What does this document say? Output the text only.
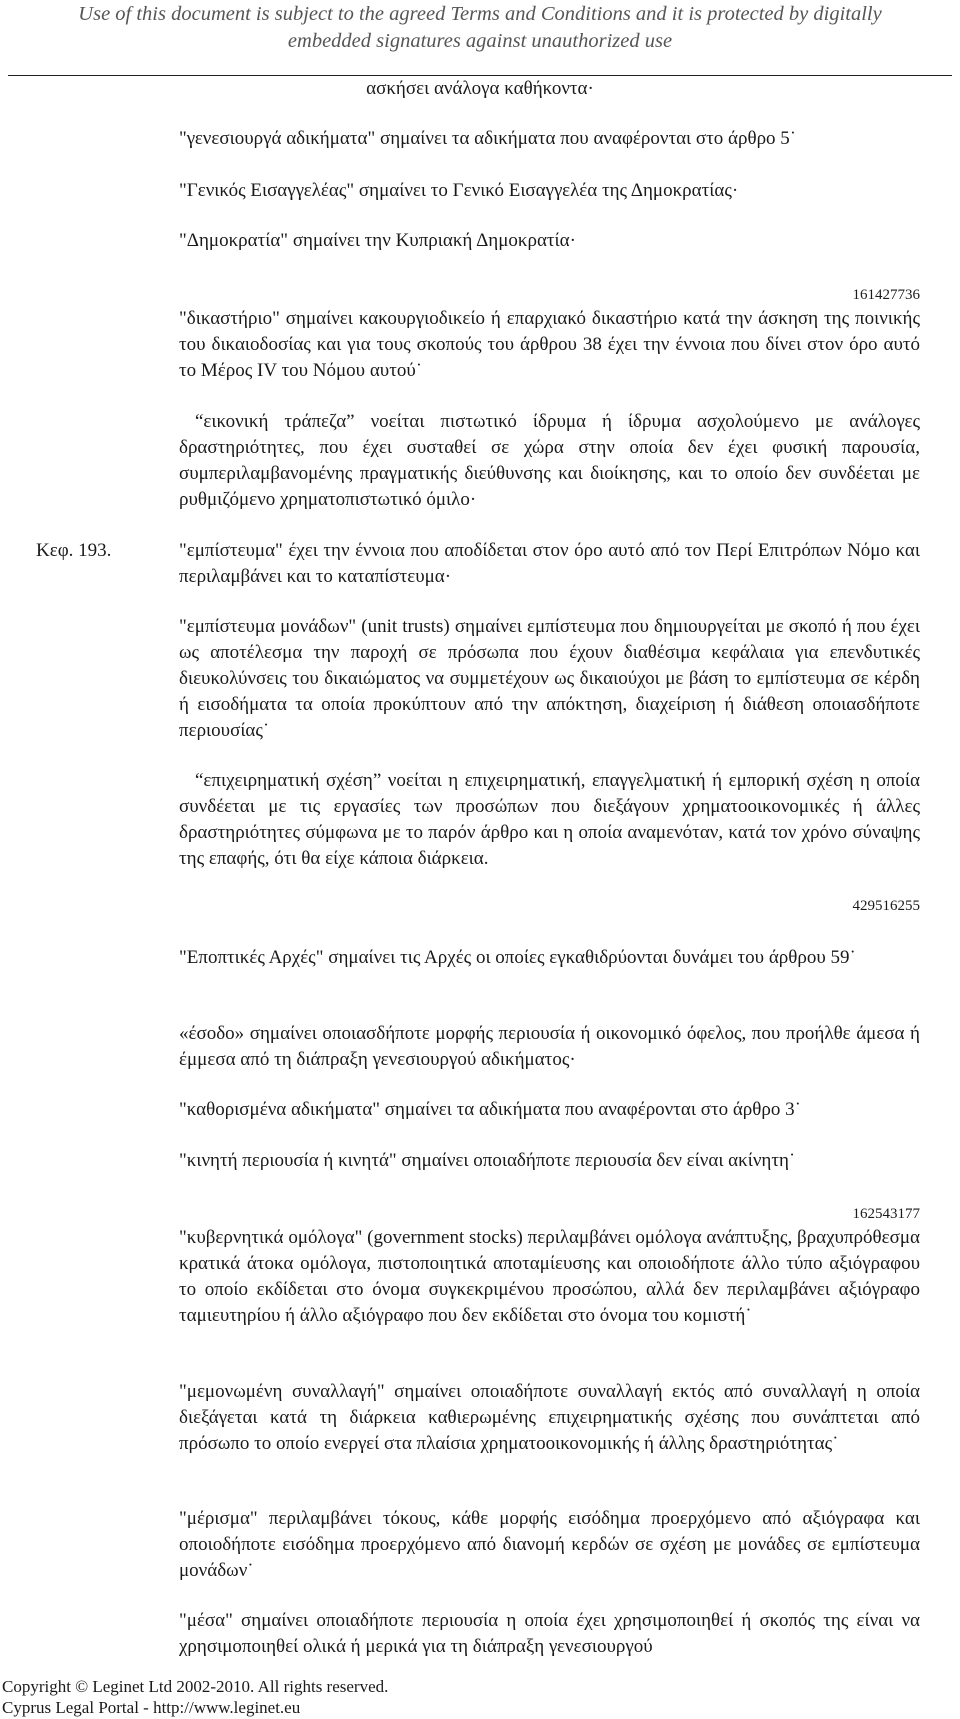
Use of this document is subject to the agreed Terms and Conditions and it is protected by digitally
embedded signatures against unauthorized use

ασκήσει ανάλογα καθήκοντα·

"γενεσιουργά αδικήματα" σημαίνει τα αδικήματα που αναφέρονται στο άρθρο 5˙

"Γενικός Εισαγγελέας" σημαίνει το Γενικό Εισαγγελέα της Δημοκρατίας·

"Δημοκρατία" σημαίνει την Κυπριακή Δημοκρατία·

161427736

"δικαστήριο" σημαίνει κακουργιοδικείο ή επαρχιακό δικαστήριο κατά την άσκηση της ποινικής του δικαιοδοσίας και για τους σκοπούς του άρθρου 38 έχει την έννοια που δίνει στον όρο αυτό το Μέρος IV του Νόμου αυτού˙

“εικονική τράπεζα” νοείται πιστωτικό ίδρυμα ή ίδρυμα ασχολούμενο με ανάλογες δραστηριότητες, που έχει συσταθεί σε χώρα στην οποία δεν έχει φυσική παρουσία, συμπεριλαμβανομένης πραγματικής διεύθυνσης και διοίκησης, και το οποίο δεν συνδέεται με ρυθμιζόμενο χρηματοπιστωτικό όμιλο·

Κεφ. 193.	"εμπίστευμα" έχει την έννοια που αποδίδεται στον όρο αυτό από τον Περί Επιτρόπων Νόμο και περιλαμβάνει και το καταπίστευμα·

"εμπίστευμα μονάδων" (unit trusts) σημαίνει εμπίστευμα που δημιουργείται με σκοπό ή που έχει ως αποτέλεσμα την παροχή σε πρόσωπα που έχουν διαθέσιμα κεφάλαια για επενδυτικές διευκολύνσεις του δικαιώματος να συμμετέχουν ως δικαιούχοι με βάση το εμπίστευμα σε κέρδη ή εισοδήματα τα οποία προκύπτουν από την απόκτηση, διαχείριση ή διάθεση οποιασδήποτε περιουσίας˙

“επιχειρηματική σχέση” νοείται η επιχειρηματική, επαγγελματική ή εμπορική σχέση η οποία συνδέεται με τις εργασίες των προσώπων που διεξάγουν χρηματοοικονομικές ή άλλες δραστηριότητες σύμφωνα με το παρόν άρθρο και η οποία αναμενόταν, κατά τον χρόνο σύναψης της επαφής, ότι θα είχε κάποια διάρκεια.

429516255

"Εποπτικές Αρχές" σημαίνει τις Αρχές οι οποίες εγκαθιδρύονται δυνάμει του άρθρου 59˙

«έσοδο» σημαίνει οποιασδήποτε μορφής περιουσία ή οικονομικό όφελος, που προήλθε άμεσα ή έμμεσα από τη διάπραξη γενεσιουργού αδικήματος·

"καθορισμένα αδικήματα" σημαίνει τα αδικήματα που αναφέρονται στο άρθρο 3˙

"κινητή περιουσία ή κινητά" σημαίνει οποιαδήποτε περιουσία δεν είναι ακίνητη˙

162543177

"κυβερνητικά ομόλογα" (government stocks) περιλαμβάνει ομόλογα ανάπτυξης, βραχυπρόθεσμα κρατικά άτοκα ομόλογα, πιστοποιητικά αποταμίευσης και οποιοδήποτε άλλο τύπο αξιόγραφου το οποίο εκδίδεται στο όνομα συγκεκριμένου προσώπου, αλλά δεν περιλαμβάνει αξιόγραφο ταμιευτηρίου ή άλλο αξιόγραφο που δεν εκδίδεται στο όνομα του κομιστή˙

"μεμονωμένη συναλλαγή" σημαίνει οποιαδήποτε συναλλαγή εκτός από συναλλαγή η οποία διεξάγεται κατά τη διάρκεια καθιερωμένης επιχειρηματικής σχέσης που συνάπτεται από πρόσωπο το οποίο ενεργεί στα πλαίσια χρηματοοικονομικής ή άλλης δραστηριότητας˙

"μέρισμα" περιλαμβάνει τόκους, κάθε μορφής εισόδημα προερχόμενο από αξιόγραφα και οποιοδήποτε εισόδημα προερχόμενο από διανομή κερδών σε σχέση με μονάδες σε εμπίστευμα μονάδων˙

"μέσα" σημαίνει οποιαδήποτε περιουσία η οποία έχει χρησιμοποιηθεί ή σκοπός της είναι να χρησιμοποιηθεί ολικά ή μερικά για τη διάπραξη γενεσιουργού

Copyright © Leginet Ltd 2002-2010. All rights reserved.
Cyprus Legal Portal - http://www.leginet.eu
